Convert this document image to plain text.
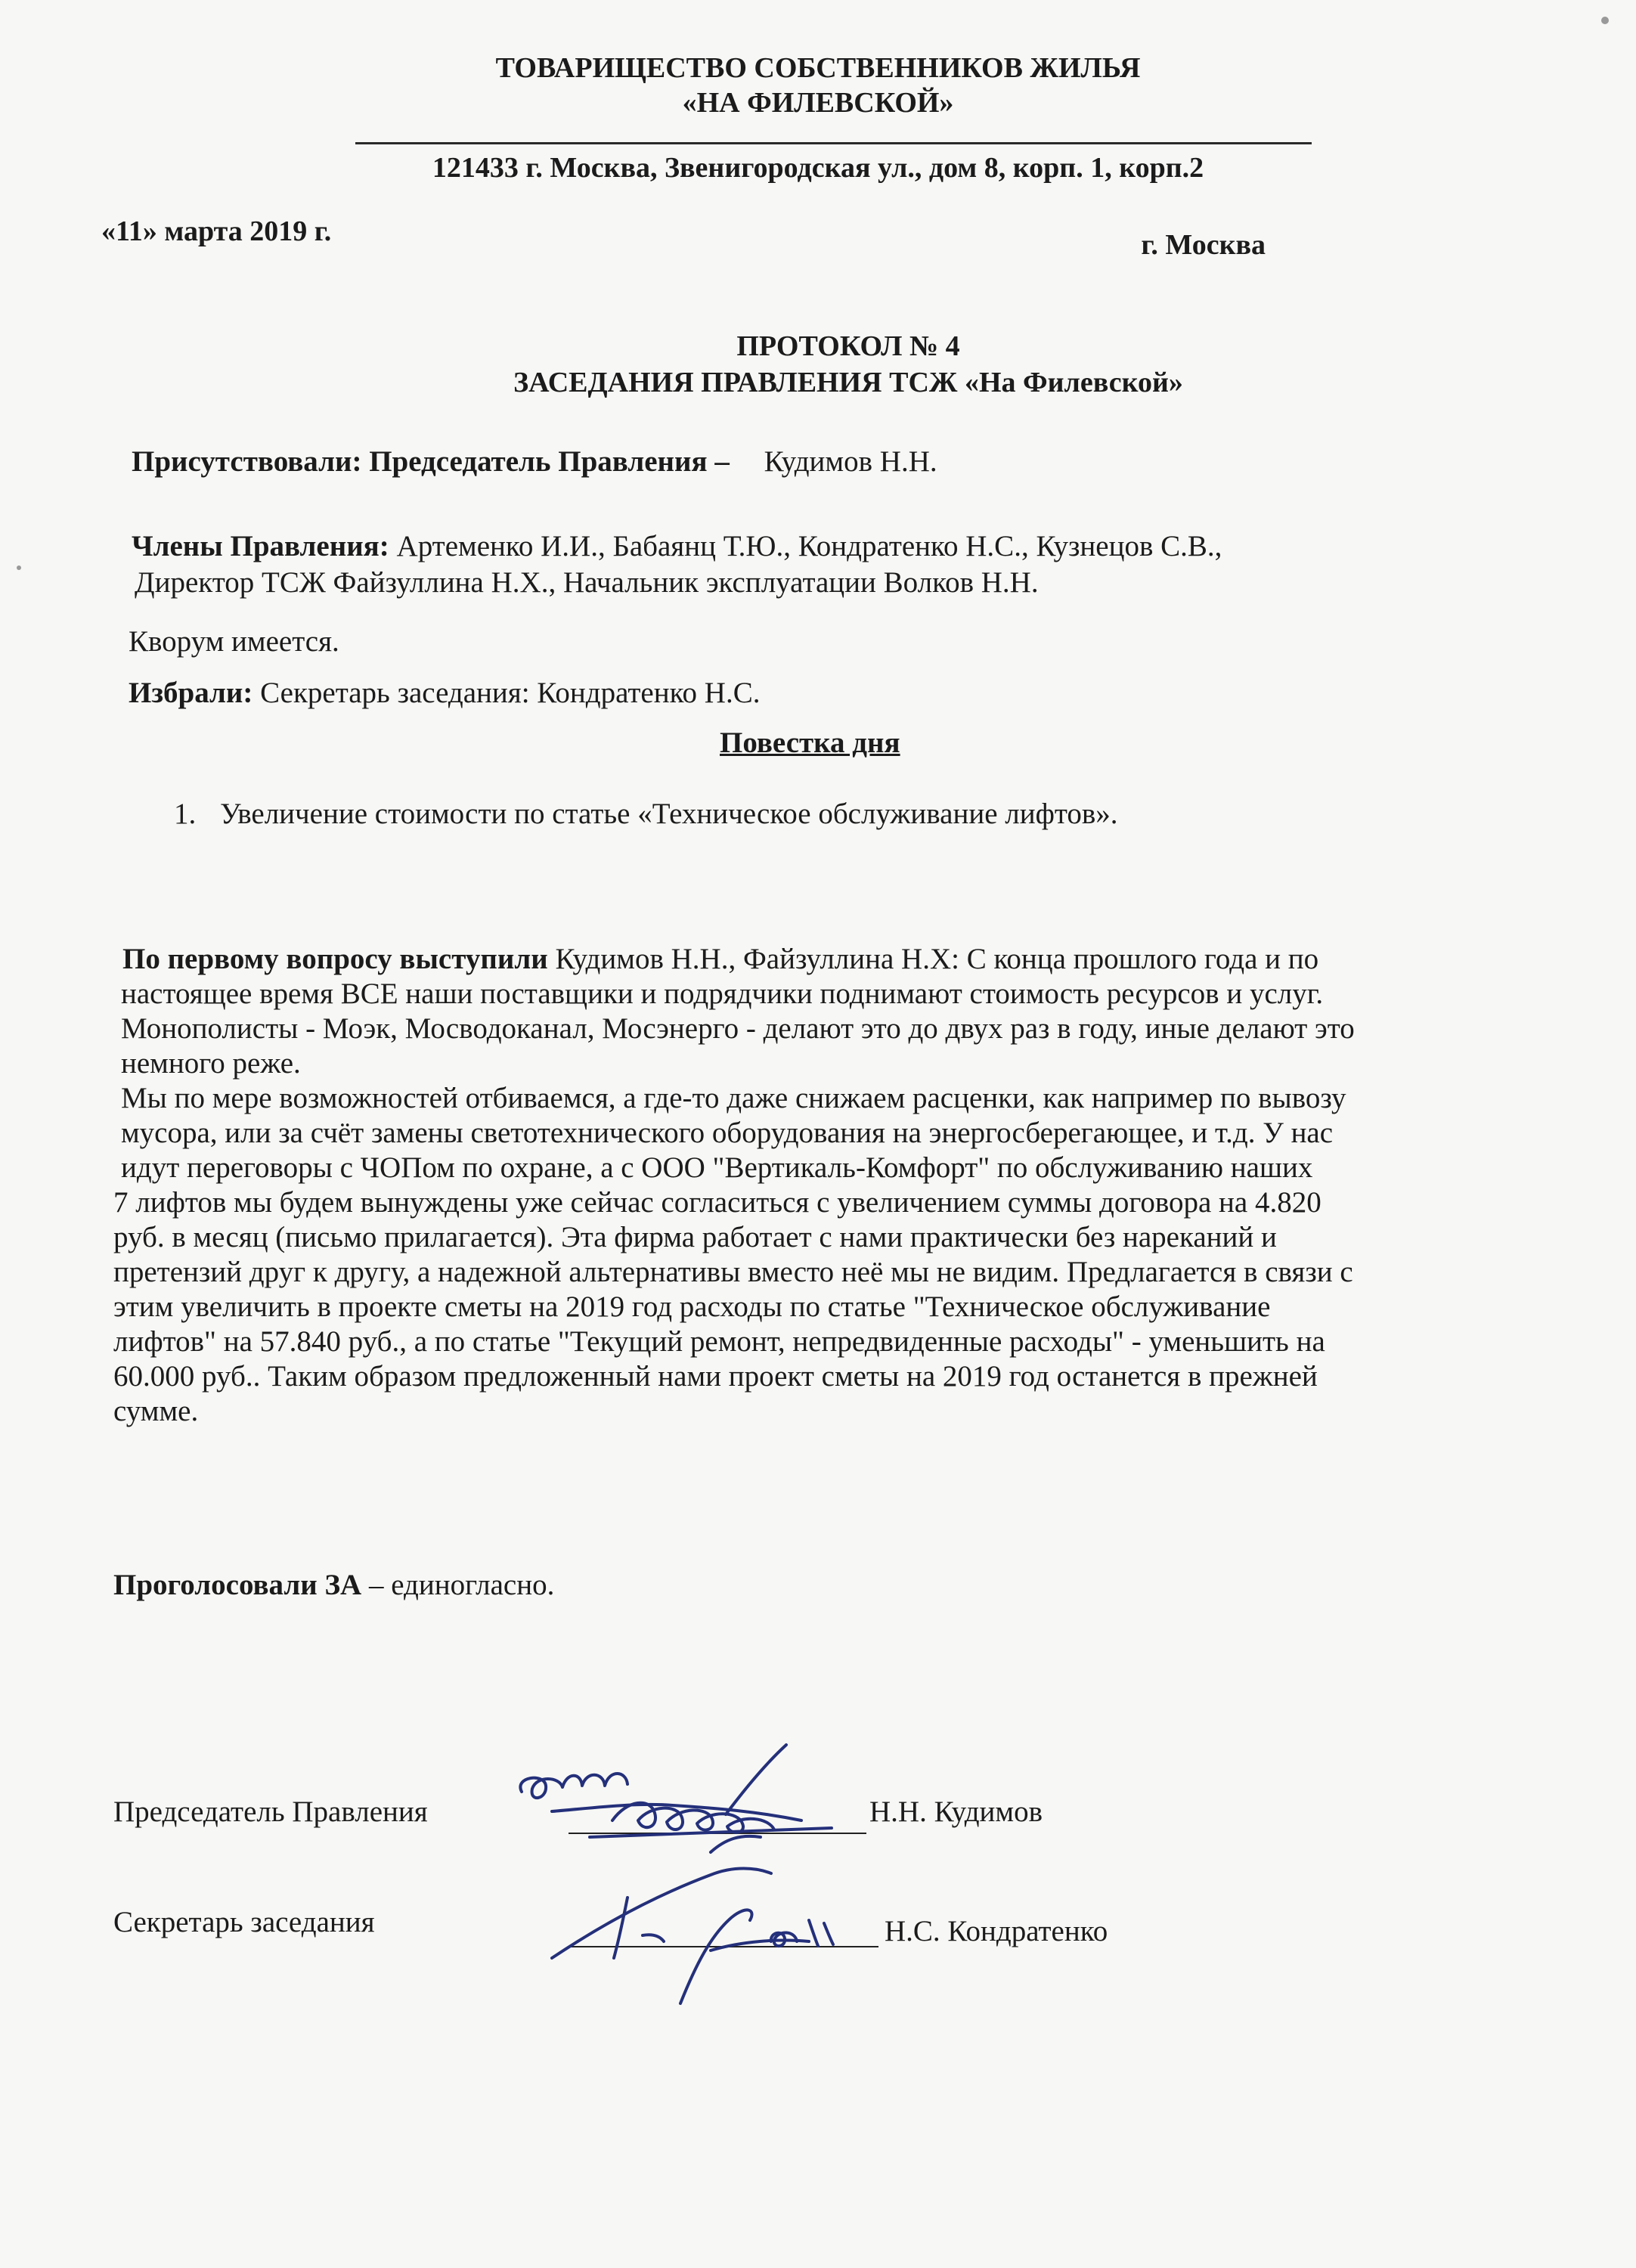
ТОВАРИЩЕСТВО СОБСТВЕННИКОВ ЖИЛЬЯ
«НА ФИЛЕВСКОЙ»
121433 г. Москва, Звенигородская ул., дом 8, корп. 1, корп.2
«11» марта 2019 г.	г. Москва
ПРОТОКОЛ № 4
ЗАСЕДАНИЯ ПРАВЛЕНИЯ ТСЖ «На Филевской»
Присутствовали: Председатель Правления – Кудимов Н.Н.
Члены Правления: Артеменко И.И., Бабаянц Т.Ю., Кондратенко Н.С., Кузнецов С.В.,
Директор ТСЖ Файзуллина Н.Х., Начальник эксплуатации Волков Н.Н.
Кворум имеется.
Избрали: Секретарь заседания: Кондратенко Н.С.
Повестка дня
1. Увеличение стоимости по статье «Техническое обслуживание лифтов».
По первому вопросу выступили Кудимов Н.Н., Файзуллина Н.Х: С конца прошлого года и по
настоящее время ВСЕ наши поставщики и подрядчики поднимают стоимость ресурсов и услуг.
Монополисты - Моэк, Мосводоканал, Мосэнерго - делают это до двух раз в году, иные делают это
немного реже.
Мы по мере возможностей отбиваемся, а где-то даже снижаем расценки, как например по вывозу
мусора, или за счёт замены светотехнического оборудования на энергосберегающее, и т.д. У нас
идут переговоры с ЧОПом по охране, а с ООО "Вертикаль-Комфорт" по обслуживанию наших
7 лифтов мы будем вынуждены уже сейчас согласиться с увеличением суммы договора на 4.820
руб. в месяц (письмо прилагается). Эта фирма работает с нами практически без нареканий и
претензий друг к другу, а надежной альтернативы вместо неё мы не видим. Предлагается в связи с
этим увеличить в проекте сметы на 2019 год расходы по статье "Техническое обслуживание
лифтов" на 57.840 руб., а по статье "Текущий ремонт, непредвиденные расходы" - уменьшить на
60.000 руб.. Таким образом предложенный нами проект сметы на 2019 год останется в прежней
сумме.
Проголосовали ЗА – единогласно.
Председатель Правления	Н.Н. Кудимов
Секретарь заседания	Н.С. Кондратенко
